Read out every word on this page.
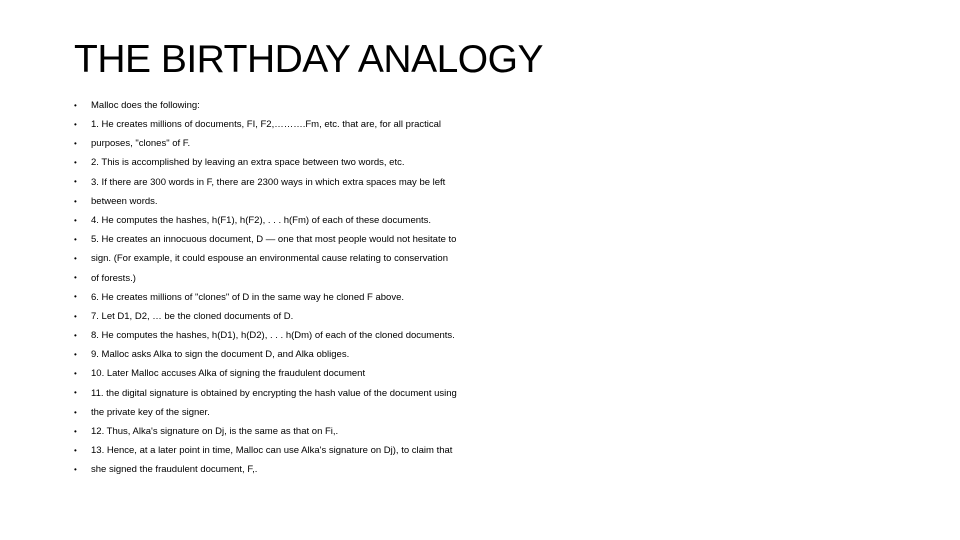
THE BIRTHDAY ANALOGY
•	Malloc does the following:
•	1. He creates millions of documents, FI, F2,……….Fm, etc. that are, for all practical
•	purposes, "clones" of F.
•	2. This is accomplished by leaving an extra space between two words, etc.
•	3. If there are 300 words in F, there are 2300 ways in which extra spaces may be left
•	between words.
•	4. He computes the hashes, h(F1), h(F2), . . . h(Fm) of each of these documents.
•	5. He creates an innocuous document, D — one that most people would not hesitate to
•	sign. (For example, it could espouse an environmental cause relating to conservation
•	of forests.)
•	6. He creates millions of "clones" of D in the same way he cloned F above.
•	7. Let D1, D2, … be the cloned documents of D.
•	8. He computes the hashes, h(D1), h(D2), . . . h(Dm) of each of the cloned documents.
•	9. Malloc asks Alka to sign the document D, and Alka obliges.
•	10. Later Malloc accuses Alka of signing the fraudulent document
•	11. the digital signature is obtained by encrypting the hash value of the document using
•	the private key of the signer.
•	12. Thus, Alka's signature on Dj, is the same as that on Fi,.
•	13. Hence, at a later point in time, Malloc can use Alka's signature on Dj), to claim that
•	she signed the fraudulent document, F,.
